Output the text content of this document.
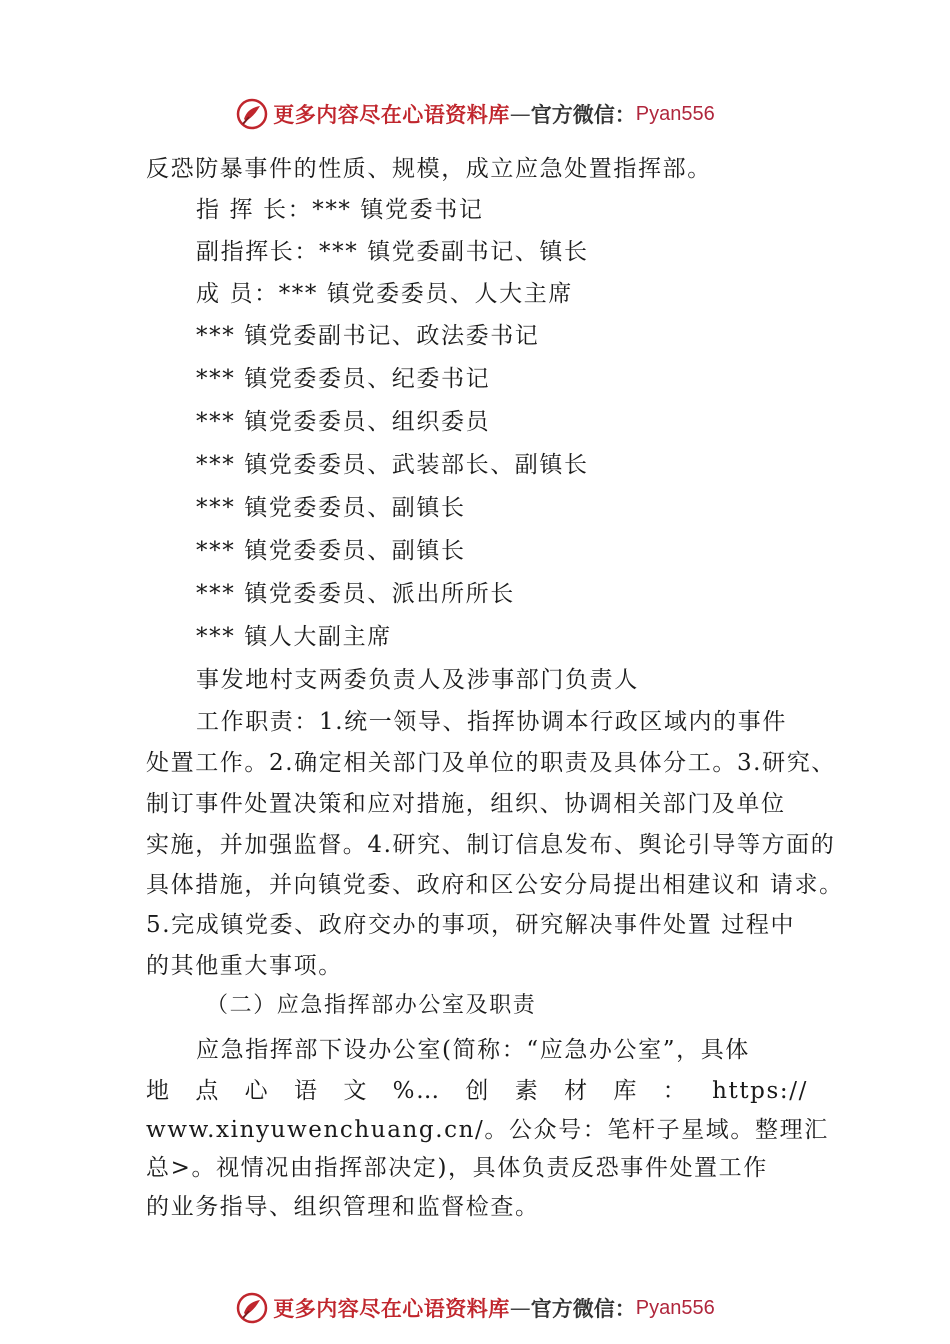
更多内容尽在心语资料库 — 官方微信： Pyan556
反恐防暴事件的性质、规模，成立应急处置指挥部。
指 挥 长：*** 镇党委书记
副指挥长：*** 镇党委副书记、镇长
成 员：*** 镇党委委员、人大主席
*** 镇党委副书记、政法委书记
*** 镇党委委员、纪委书记
*** 镇党委委员、组织委员
*** 镇党委委员、武装部长、副镇长
*** 镇党委委员、副镇长
*** 镇党委委员、副镇长
*** 镇党委委员、派出所所长
*** 镇人大副主席
事发地村支两委负责人及涉事部门负责人
工作职责：1.统一领导、指挥协调本行政区域内的事件
处置工作。2.确定相关部门及单位的职责及具体分工。3.研究、
制订事件处置决策和应对措施，组织、协调相关部门及单位
实施，并加强监督。4.研究、制订信息发布、舆论引导等方面的
具体措施，并向镇党委、政府和区公安分局提出相建议和 请求。
5.完成镇党委、政府交办的事项，研究解决事件处置 过程中
的其他重大事项。
（二）应急指挥部办公室及职责
应急指挥部下设办公室(简称：“应急办公室”，具体
地 点 心 语 文 %… 创 素 材 库 ： https://
www.xinyuwenchuang.cn/。公众号：笔杆子星域。整理汇
总>。视情况由指挥部决定)，具体负责反恐事件处置工作
的业务指导、组织管理和监督检查。
更多内容尽在心语资料库 — 官方微信： Pyan556
